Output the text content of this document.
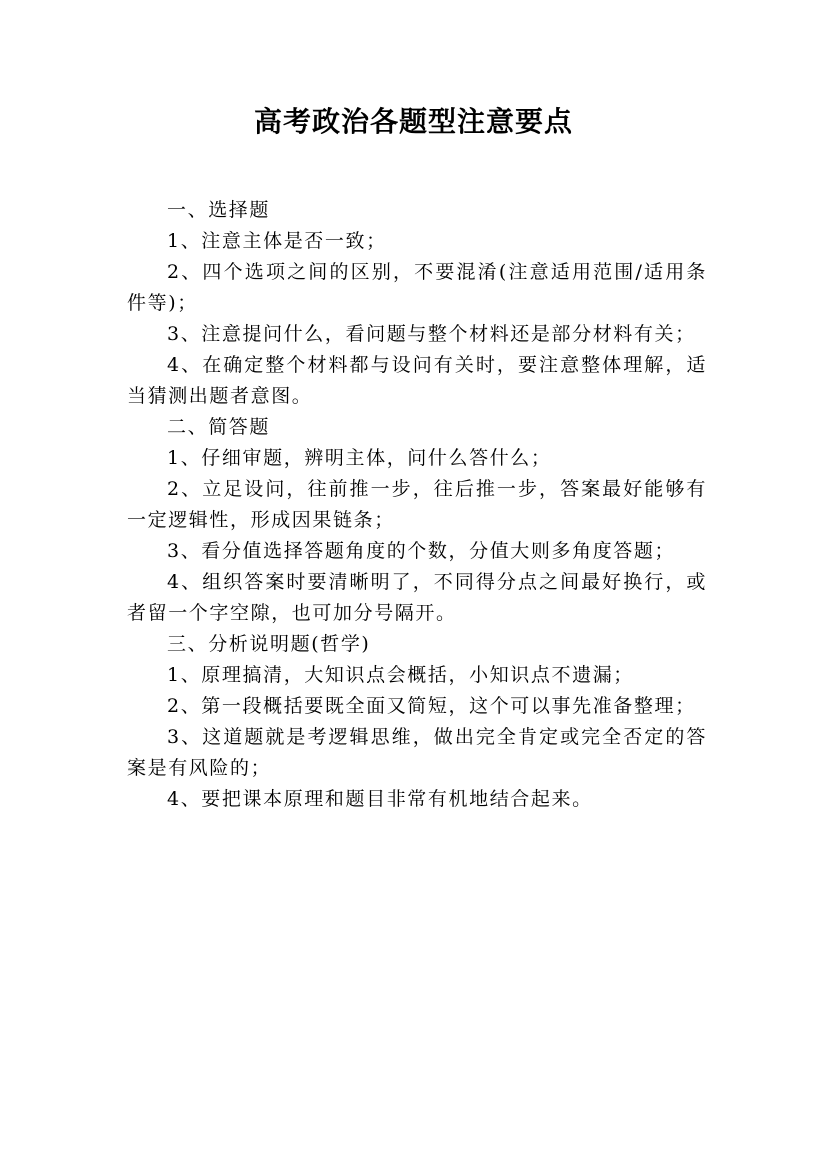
高考政治各题型注意要点

一、选择题

1、注意主体是否一致；

2、四个选项之间的区别，不要混淆(注意适用范围/适用条件等)；

3、注意提问什么，看问题与整个材料还是部分材料有关；

4、在确定整个材料都与设问有关时，要注意整体理解，适当猜测出题者意图。

二、简答题

1、仔细审题，辨明主体，问什么答什么；

2、立足设问，往前推一步，往后推一步，答案最好能够有一定逻辑性，形成因果链条；

3、看分值选择答题角度的个数，分值大则多角度答题；

4、组织答案时要清晰明了，不同得分点之间最好换行，或者留一个字空隙，也可加分号隔开。

三、分析说明题(哲学)

1、原理搞清，大知识点会概括，小知识点不遗漏；

2、第一段概括要既全面又简短，这个可以事先准备整理；

3、这道题就是考逻辑思维，做出完全肯定或完全否定的答案是有风险的；

4、要把课本原理和题目非常有机地结合起来。
